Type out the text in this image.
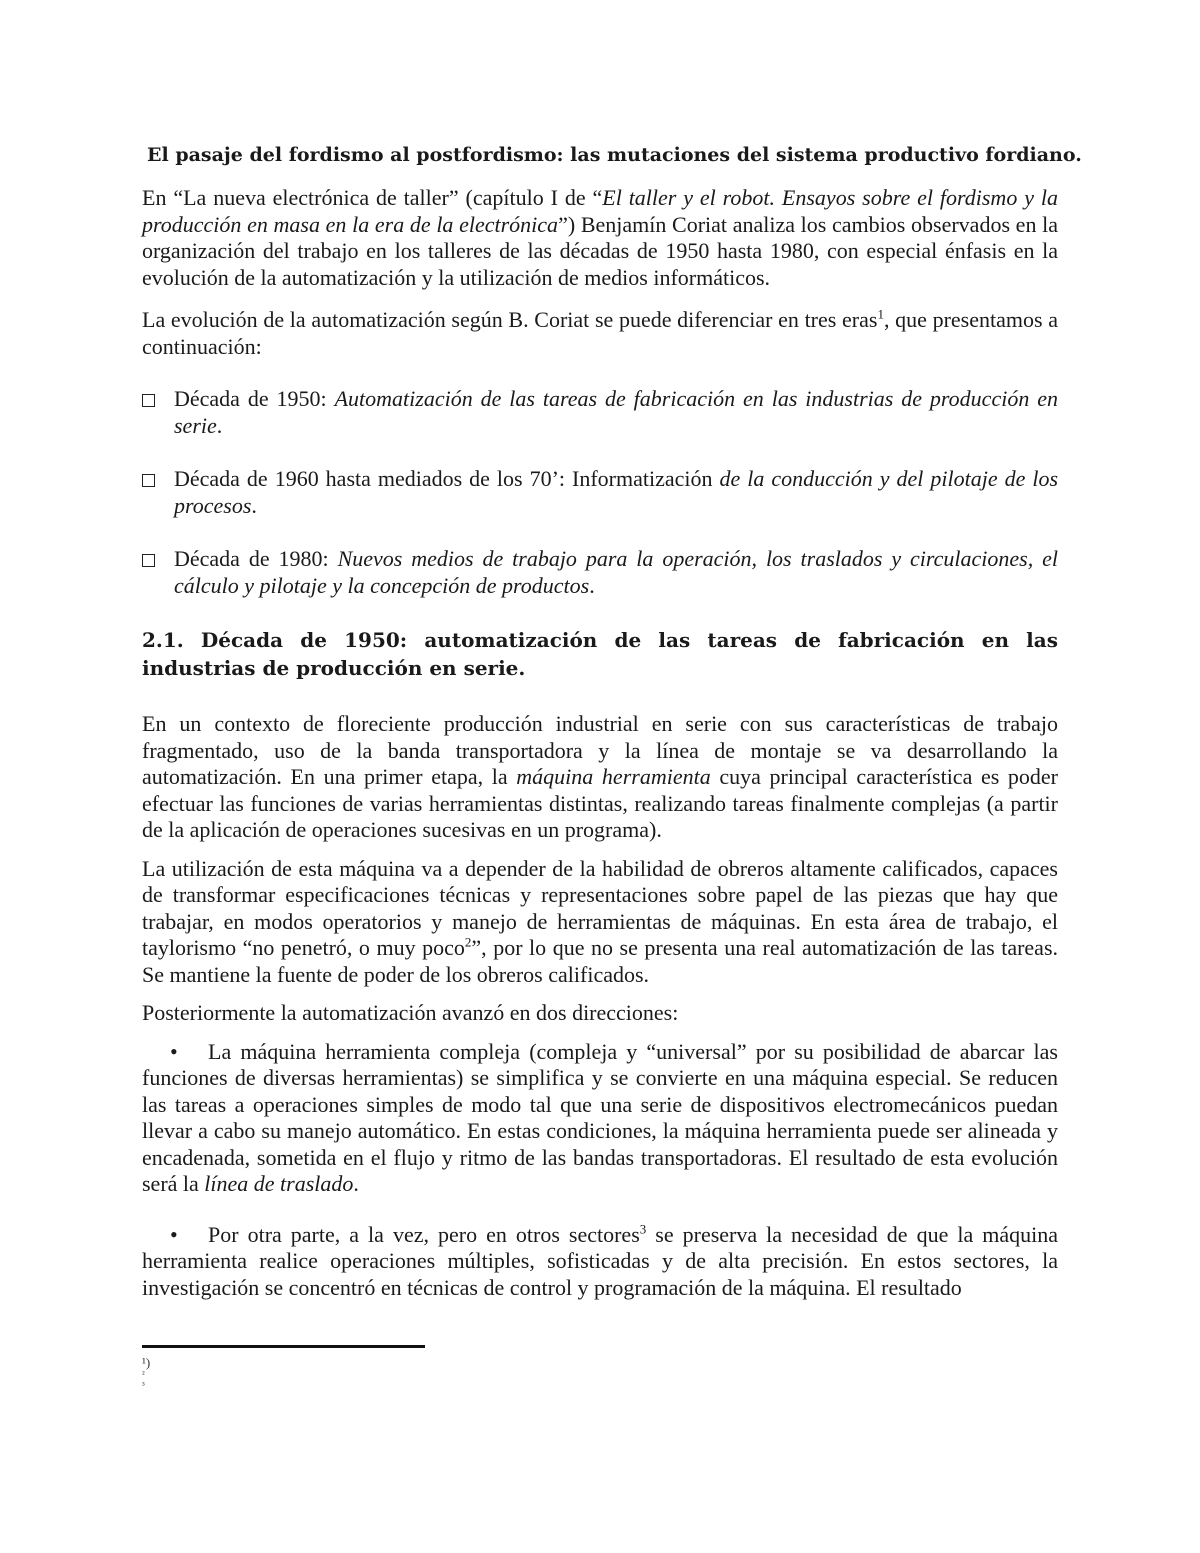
El pasaje del fordismo al postfordismo: las mutaciones del sistema productivo fordiano.

En “La nueva electrónica de taller” (capítulo I de “El taller y el robot. Ensayos sobre el fordismo y la producción en masa en la era de la electrónica”) Benjamín Coriat analiza los cambios observados en la organización del trabajo en los talleres de las décadas de 1950 hasta 1980, con especial énfasis en la evolución de la automatización y la utilización de medios informáticos.

La evolución de la automatización según B. Coriat se puede diferenciar en tres eras$^1$, que presentamos a continuación:

Década de 1950: Automatización de las tareas de fabricación en las industrias de producción en serie.

Década de 1960 hasta mediados de los 70’: Informatización de la conducción y del pilotaje de los procesos.

Década de 1980: Nuevos medios de trabajo para la operación, los traslados y circulaciones, el cálculo y pilotaje y la concepción de productos.

2.1. Década de 1950: automatización de las tareas de fabricación en las industrias de producción en serie.

En un contexto de floreciente producción industrial en serie con sus características de trabajo fragmentado, uso de la banda transportadora y la línea de montaje se va desarrollando la automatización. En una primer etapa, la máquina herramienta cuya principal característica es poder efectuar las funciones de varias herramientas distintas, realizando tareas finalmente complejas (a partir de la aplicación de operaciones sucesivas en un programa).

La utilización de esta máquina va a depender de la habilidad de obreros altamente calificados, capaces de transformar especificaciones técnicas y representaciones sobre papel de las piezas que hay que trabajar, en modos operatorios y manejo de herramientas de máquinas. En esta área de trabajo, el taylorismo “no penetró, o muy poco$^2$”, por lo que no se presenta una real automatización de las tareas. Se mantiene la fuente de poder de los obreros calificados.

Posteriormente la automatización avanzó en dos direcciones:

• La máquina herramienta compleja (compleja y “universal” por su posibilidad de abarcar las funciones de diversas herramientas) se simplifica y se convierte en una máquina especial. Se reducen las tareas a operaciones simples de modo tal que una serie de dispositivos electromecánicos puedan llevar a cabo su manejo automático. En estas condiciones, la máquina herramienta puede ser alineada y encadenada, sometida en el flujo y ritmo de las bandas transportadoras. El resultado de esta evolución será la línea de traslado.

• Por otra parte, a la vez, pero en otros sectores$^3$ se preserva la necesidad de que la máquina herramienta realice operaciones múltiples, sofisticadas y de alta precisión. En estos sectores, la investigación se concentró en técnicas de control y programación de la máquina. El resultado

¹)
²
³
